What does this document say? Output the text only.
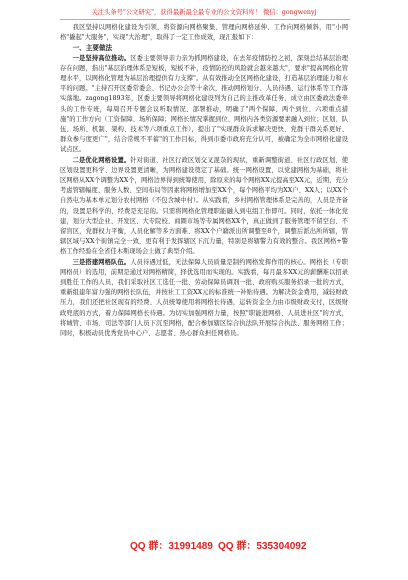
关注头条号"公文研究"，获得最新最全最专业的公文资料库！ 微信：gongwenyj

我区坚持以网格化建设为引领，将资源向网格聚集、管理向网格延伸、工作向网格倾斜，用"小网格"撬起"大服务"，实现"大治理"，取得了一定工作成效，现汇报如下：

一、主要做法

一是坚持高位推动。区委主要领导亲力亲为抓网格建设，在去年疫情防控之初，深刻总结基层治理存在问题，指出"基层治理体系是短板，短板不补，疫情防控的风险就会越来越大"，要求"提高网格化管理水平，以网格化管理为基层治理提供有力支撑"。从有效推动全区网格化建设，打造基层治理能力和水平的问题。"主持召开区委常委会、书记办公会等十余次，推动网格划分、人员待遇、运行体系等工作落实落地。zagong1893年，区委主要领导将网格化建设列为自己的主推改革任务，成立由区委政法委牵头的工作专班，每周召开专题会议听取情况、部署推动，明确了"两个保障、两个到位、六项重点措施"的工作方向（工资保障、场所保障；网格长情况掌握到位、网格内各类资源要素融入到位；区划、队伍、场所、机制、架构、技术等六项重点工作），提出了"实现群众诉求解决更快、党群干群关系更好、群众参与度更广"，结合常规不平蓄"的工作目标，得到市委市政府充分认可，被确定为全市网格化建设试点区。

二是优化网格设置。针对街道、社区行政区划交叉混杂的现状，重新调整街道、社区行政区划，使区划设置更科学、边界设置更清晰，为网格建设奠定了基础。统一网格设置，以党建网格为基础，将社区网格从XX个调整为XX个，网格边界得到统筹使用，除原来的每个网格XX元提高至XX元，近期，充分考虑管辖幅度、服务人数、空间布局等因素将网格增加至XX个，每个网格平均为XX户、XX人；以XX个自然屯为基本单元划分农村网格（不包含城中村）。从实践看，乡村网格管理体系是完善的，人员是齐备的，设置是科学的，经费是充足的。只需将网格化管理职能融入到屯组工作即可。同时，依托一体化党建，划分大型企业、开发区、大专院校、商圈市场等专属网格XX个，真正做到了服务管理不留空白、不留盲区，党群权力平衡，人员化解等多方面难、将XX个户籍派出所调整至8个，调整后派出所所辖，管辖区域与XX个街镇完全一致，更有利于发挥辖区下沉力量，特别是将辖警力有效的整合。我区网格+警格工作经验在全省佳木斯现场会上做了典型介绍。

三是搭建网格队伍。人员待遇过低，无法保障人员质量是制约网格发挥作用的核心。网格长（专职网格员）的选用，前期是通过对网格精简，择优选用而实现的。实践看，每月最多XX元的薪酬难以招录到胜任工作的人员，我们采取社区工选任一批、劳动保障员调剂一批、政府购买服务招录一批的方式，重新组建年富力强的网格长队伍，并按社工工资XX元的标准统一补贴待遇。为解决资金费用，减轻财政压力，我们还把社区现有的经费、人员统筹使用将网格长待遇，运转资金全力由市级财政支付，区级财政兜底的方式，着力保障网格长待遇。为切实加强网格力量，按照"职能进网格、人员进社区"的方式，将城管、市场、司法等部门人员下沉至网格，配合参加辖区综合执法队开展综合执法、服务网格工作；同时，积极动员优秀党员中心户、志愿者、热心群众担任网格员。

QQ 群：31991489 QQ 群：535304092
